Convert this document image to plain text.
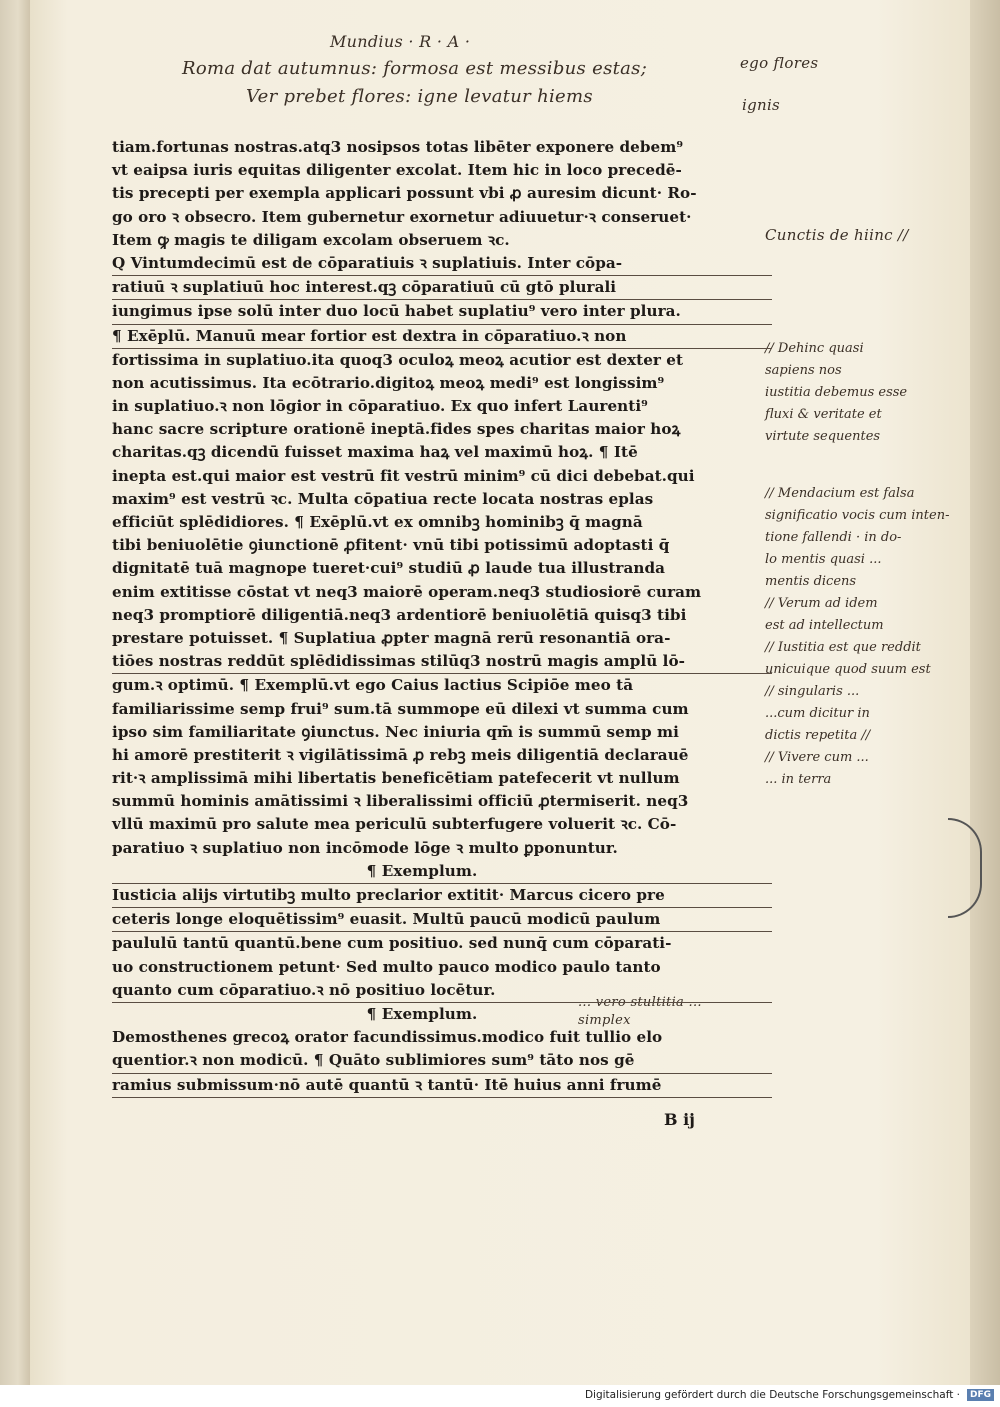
Mundius · R · A ·

Roma dat autumnus: formosa est messibus estas;

Ver prebet flores: igne levatur hiems

ego flores

ignis

Cunctis de hiinc //

// Dehinc quasi
sapiens nos
iustitia debemus esse
fluxi & veritate et
virtute sequentes
// Mendacium est falsa
significatio vocis cum inten-
tione fallendi · in do-
lo mentis quasi ...
mentis dicens
// Verum ad idem
est ad intellectum
// Iustitia est que reddit
unicuique quod suum est
// singularis ...
...cum dicitur in
dictis repetita //
// Vivere cum ...
... in terra

... vero stultitia ... simplex

tiam.fortunas nostras.atq3 nosipsos totas libēter exponere debem⁹
vt eaipsa iuris equitas diligenter excolat. Item hic in loco precedē-
tis precepti per exempla applicari possunt vbi ꝓ auresim dicunt· Ro-
go oro ꝛ obsecro. Item gubernetur exornetur adiuuetur·ꝛ conseruet·
Item ꝙ magis te diligam excolam obseruem ꝛc.
Q Vintumdecimū est de cōparatiuis ꝛ suplatiuis. Inter cōpa-
ratiuū ꝛ suplatiuū hoc interest.qꝫ cōparatiuū cū gtō plurali
iungimus ipse solū inter duo locū habet suplatiu⁹ vero inter plura.
¶ Exēplū. Manuū mear fortior est dextra in cōparatiuo.ꝛ non
fortissima in suplatiuo.ita quoq3 oculoꝝ meoꝝ acutior est dexter et
non acutissimus. Ita ecōtrario.digitoꝝ meoꝝ medi⁹ est longissim⁹
in suplatiuo.ꝛ non lōgior in cōparatiuo. Ex quo infert Laurenti⁹
hanc sacre scripture orationē ineptā.fides spes charitas maior hoꝝ
charitas.qꝫ dicendū fuisset maxima haꝝ vel maximū hoꝝ. ¶ Itē
inepta est.qui maior est vestrū fit vestrū minim⁹ cū dici debebat.qui
maxim⁹ est vestrū ꝛc. Multa cōpatiua recte locata nostras eplas
efficiūt splēdidiores. ¶ Exēplū.vt ex omnibꝫ hominibꝫ q̄ magnā
tibi beniuolētie ꝯiunctionē ꝓfitent· vnū tibi potissimū adoptasti q̄
dignitatē tuā magnope tueret·cui⁹ studiū ꝓ laude tua illustranda
enim extitisse cōstat vt neq3 maiorē operam.neq3 studiosiorē curam
neq3 promptiorē diligentiā.neq3 ardentiorē beniuolētiā quisq3 tibi
prestare potuisset. ¶ Suplatiua ꝓpter magnā rerū resonantiā ora-
tiōes nostras reddūt splēdidissimas stilūq3 nostrū magis amplū lō-
gum.ꝛ optimū. ¶ Exemplū.vt ego Caius lactius Scipiōe meo tā
familiarissime semp frui⁹ sum.tā summope eū dilexi vt summa cum
ipso sim familiaritate ꝯiunctus. Nec iniuria qm̄ is summū semp mi
hi amorē prestiterit ꝛ vigilātissimā ꝓ rebꝫ meis diligentiā declarauē
rit·ꝛ amplissimā mihi libertatis beneficētiam patefecerit vt nullum
summū hominis amātissimi ꝛ liberalissimi officiū ꝓtermiserit. neq3
vllū maximū pro salute mea periculū subterfugere voluerit ꝛc. Cō-
paratiuo ꝛ suplatiuo non incōmode lōge ꝛ multo ꝑponuntur.
¶ Exemplum.
Iusticia alijs virtutibꝫ multo preclarior extitit· Marcus cicero pre
ceteris longe eloquētissim⁹ euasit. Multū paucū modicū paulum
paululū tantū quantū.bene cum positiuo. sed nunq̄ cum cōparati-
uo constructionem petunt· Sed multo pauco modico paulo tanto
quanto cum cōparatiuo.ꝛ nō positiuo locētur.
¶ Exemplum.
Demosthenes grecoꝝ orator facundissimus.modico fuit tullio elo
quentior.ꝛ non modicū. ¶ Quāto sublimiores sum⁹ tāto nos gē
ramius submissum·nō autē quantū ꝛ tantū· Itē huius anni frumē

B ij

Digitalisierung gefördert durch die Deutsche Forschungsgemeinschaft ·	DFG
